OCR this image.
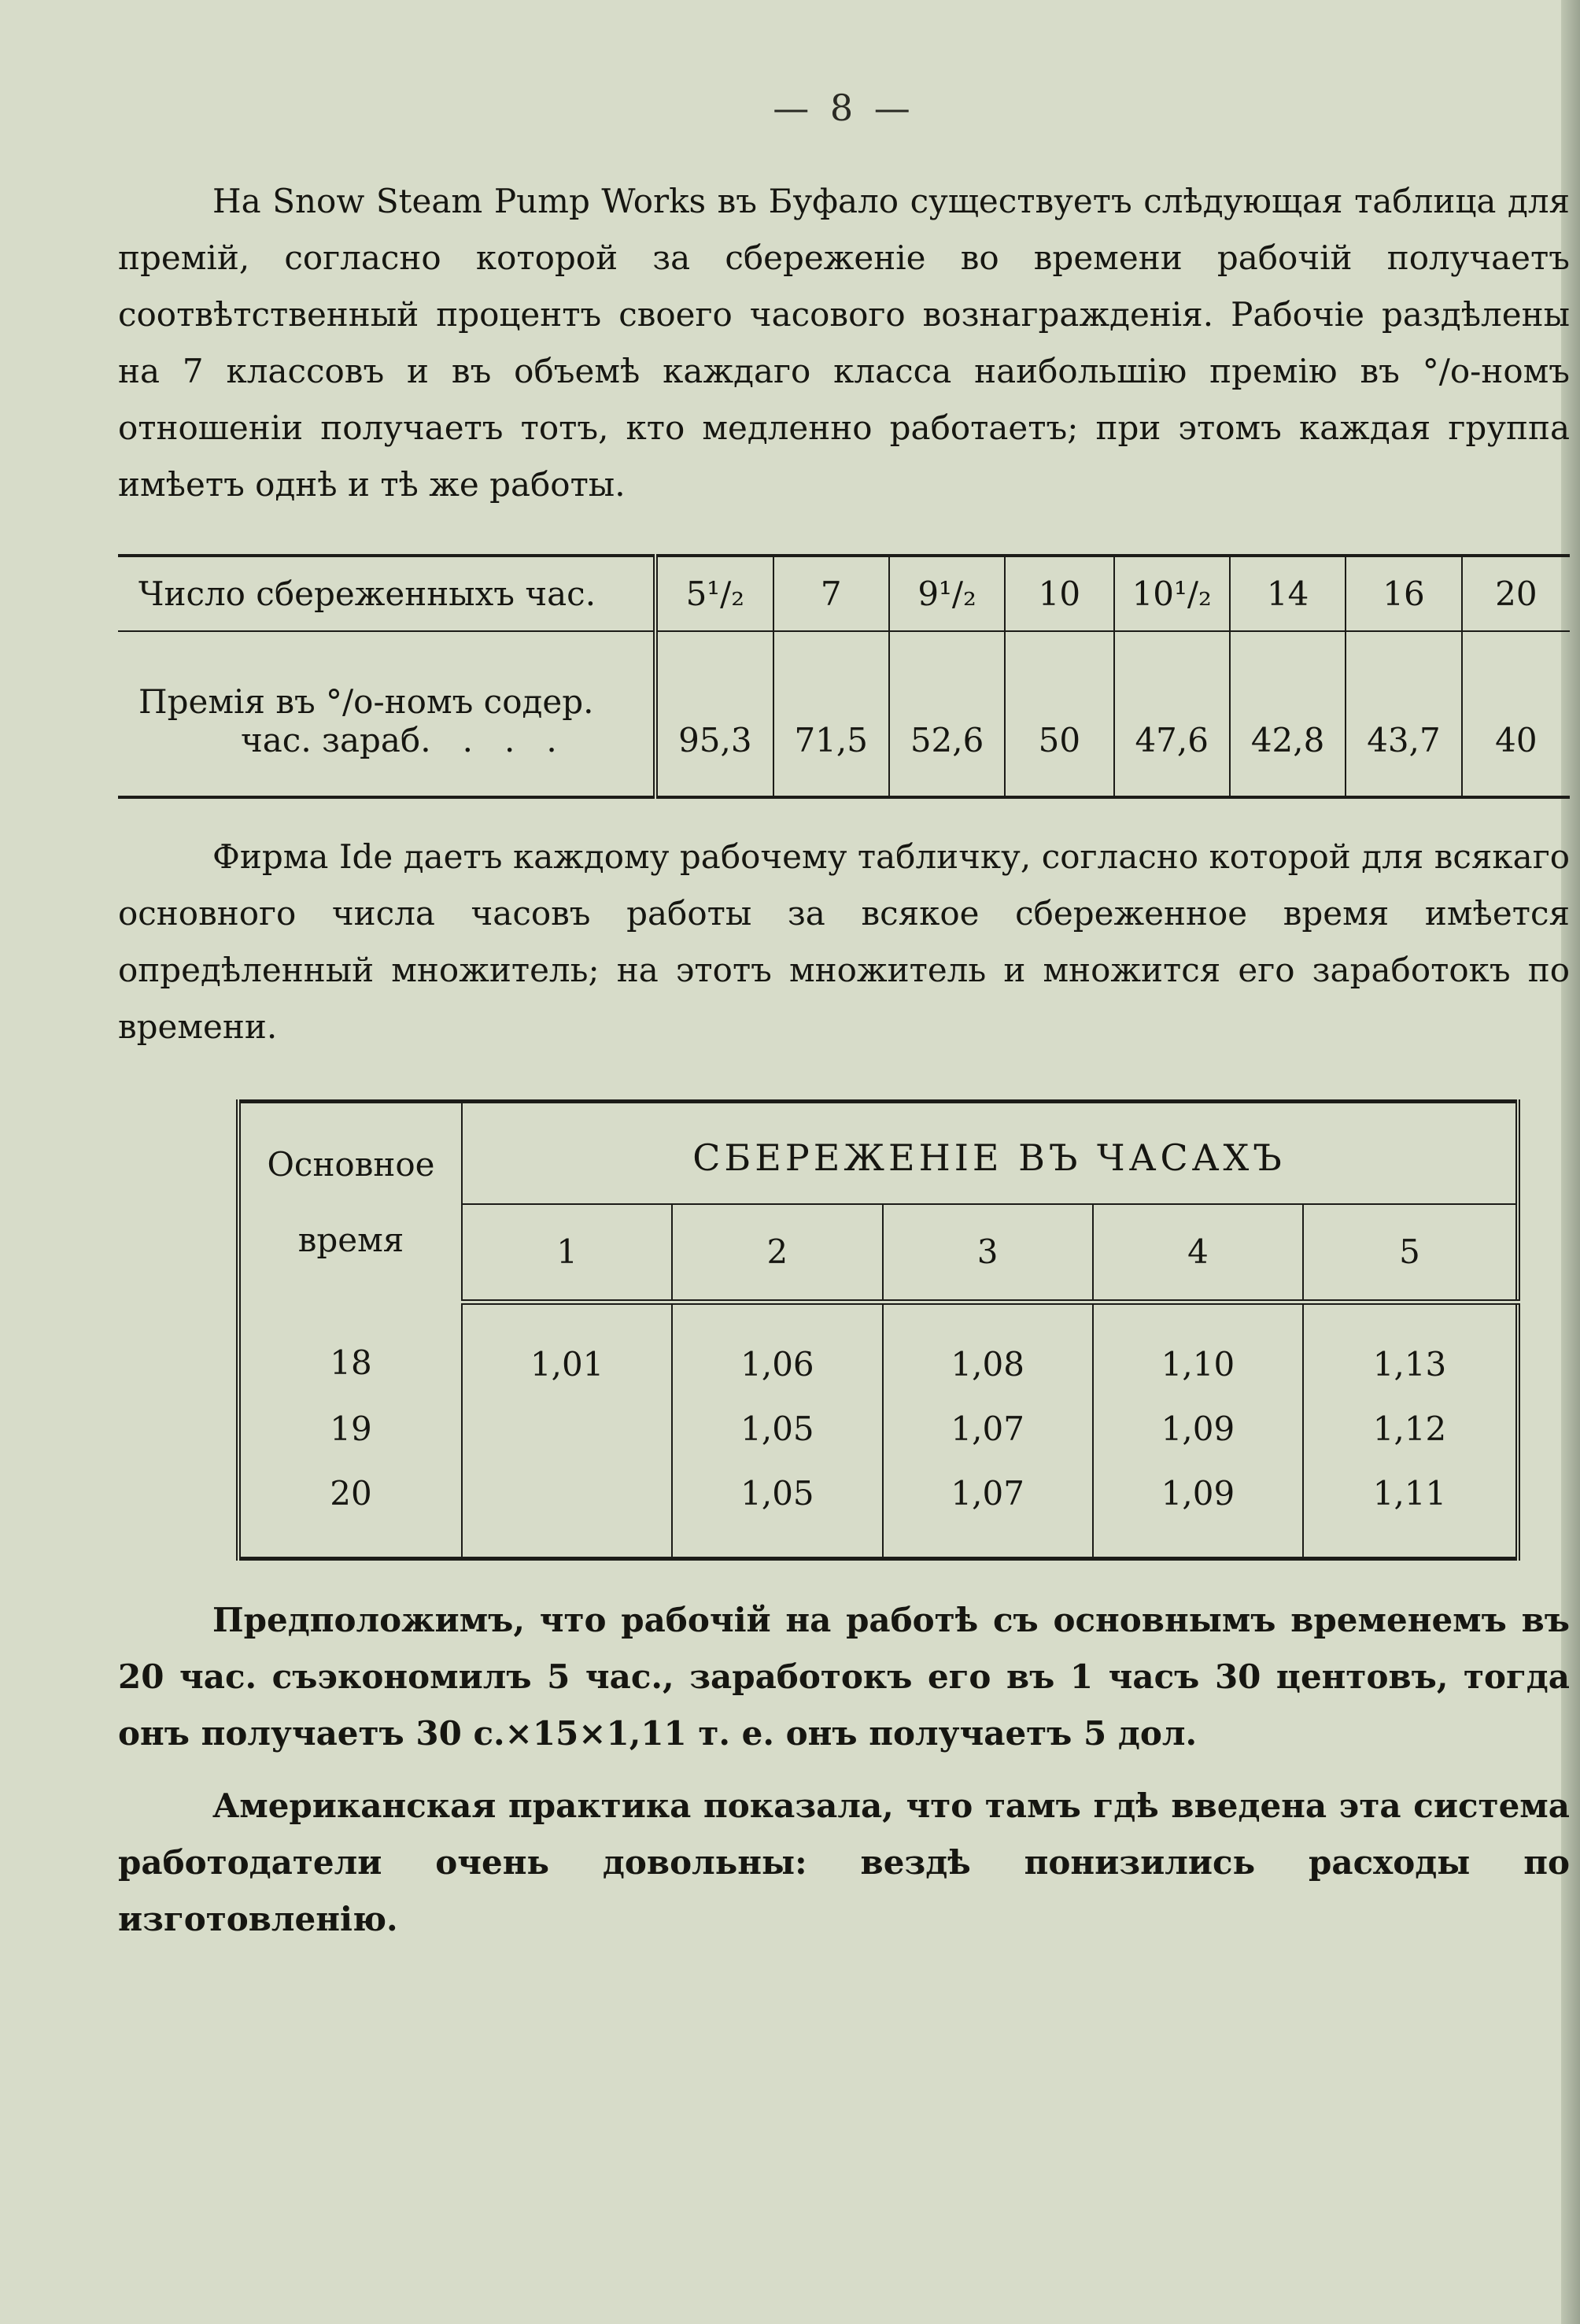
— 8 —

На Snow Steam Pump Works въ Буфало существуетъ слѣдующая таблица для премій, согласно которой за сбереженіе во времени рабочій получаетъ соотвѣтственный процентъ своего часового вознагражденія. Рабочіе раздѣлены на 7 классовъ и въ объемѣ каждаго класса наибольшію премію въ °/о-номъ отношеніи получаетъ тотъ, кто медленно работаетъ; при этомъ каждая группа имѣетъ однѣ и тѣ же работы.

Число сбереженныхъ час.	5¹/₂	7	9¹/₂	10	10¹/₂	14	16	20

Премія въ °/о-номъ содер.
час. зараб.   .   .   .	95,3	71,5	52,6	50	47,6	42,8	43,7	40

Фирма Ide даетъ каждому рабочему табличку, согласно которой для всякаго основного числа часовъ работы за всякое сбереженное время имѣется опредѣленный множитель; на этотъ множитель и множится его заработокъ по времени.

Основное
время	СБЕРЕЖЕНІЕ ВЪ ЧАСАХЪ				
	1	2	3	4	5
18	1,01	1,06	1,08	1,10	1,13
19		1,05	1,07	1,09	1,12
20		1,05	1,07	1,09	1,11

Предположимъ, что рабочій на работѣ съ основнымъ временемъ въ 20 час. съэкономилъ 5 час., заработокъ его въ 1 часъ 30 центовъ, тогда онъ получаетъ 30 с.×15×1,11 т. е. онъ получаетъ 5 дол.

Американская практика показала, что тамъ гдѣ введена эта система работодатели очень довольны: вездѣ понизились расходы по изготовленію.
